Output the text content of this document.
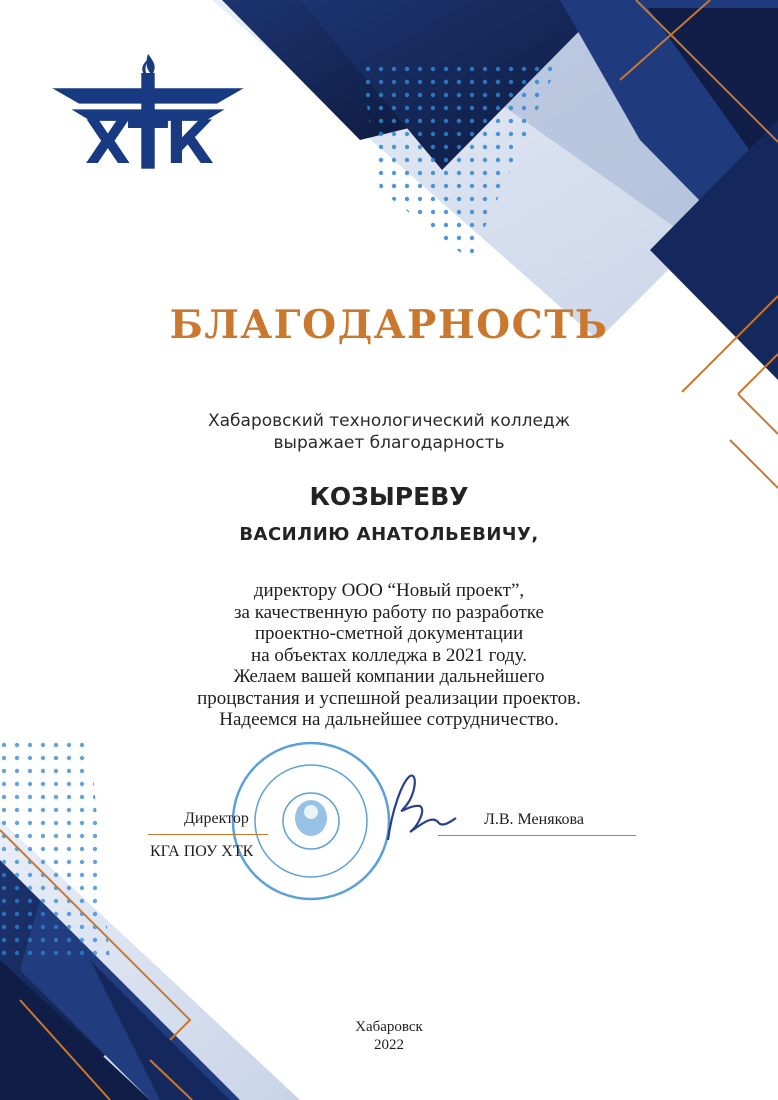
ХТК
БЛАГОДАРНОСТЬ
Хабаровский технологический колледж
выражает благодарность
КОЗЫРЕВУ
ВАСИЛИЮ АНАТОЛЬЕВИЧУ,
директору ООО “Новый проект”,
за качественную работу по разработке
проектно-сметной документации
на объектах колледжа в 2021 году.
Желаем вашей компании дальнейшего
процвстания и успешной реализации проектов.
Надеемся на дальнейшее сотрудничество.
Директор
КГА ПОУ ХТК
Л.В. Менякова
Хабаровск
2022
